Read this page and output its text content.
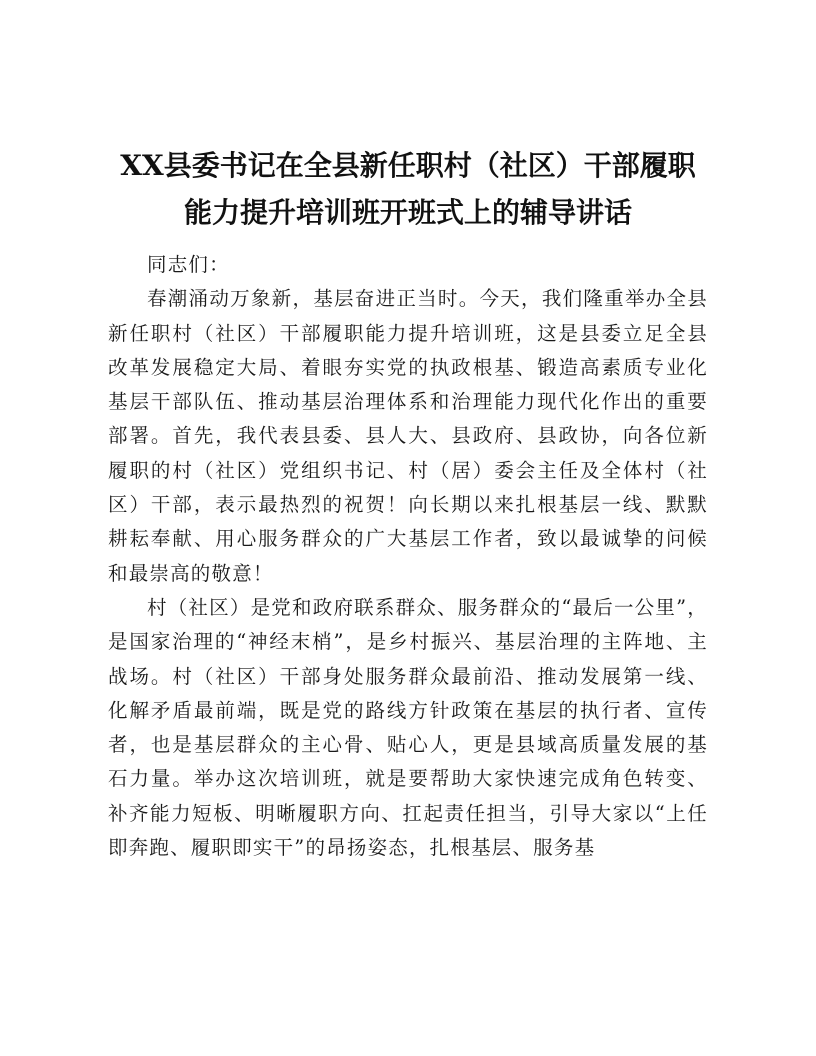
XX县委书记在全县新任职村（社区）干部履职
能力提升培训班开班式上的辅导讲话

同志们：

春潮涌动万象新，基层奋进正当时。今天，我们隆重举办全县新任职村（社区）干部履职能力提升培训班，这是县委立足全县改革发展稳定大局、着眼夯实党的执政根基、锻造高素质专业化基层干部队伍、推动基层治理体系和治理能力现代化作出的重要部署。首先，我代表县委、县人大、县政府、县政协，向各位新履职的村（社区）党组织书记、村（居）委会主任及全体村（社区）干部，表示最热烈的祝贺！向长期以来扎根基层一线、默默耕耘奉献、用心服务群众的广大基层工作者，致以最诚挚的问候和最崇高的敬意！

村（社区）是党和政府联系群众、服务群众的“最后一公里”，是国家治理的“神经末梢”，是乡村振兴、基层治理的主阵地、主战场。村（社区）干部身处服务群众最前沿、推动发展第一线、化解矛盾最前端，既是党的路线方针政策在基层的执行者、宣传者，也是基层群众的主心骨、贴心人，更是县域高质量发展的基石力量。举办这次培训班，就是要帮助大家快速完成角色转变、补齐能力短板、明晰履职方向、扛起责任担当，引导大家以“上任即奔跑、履职即实干”的昂扬姿态，扎根基层、服务基
